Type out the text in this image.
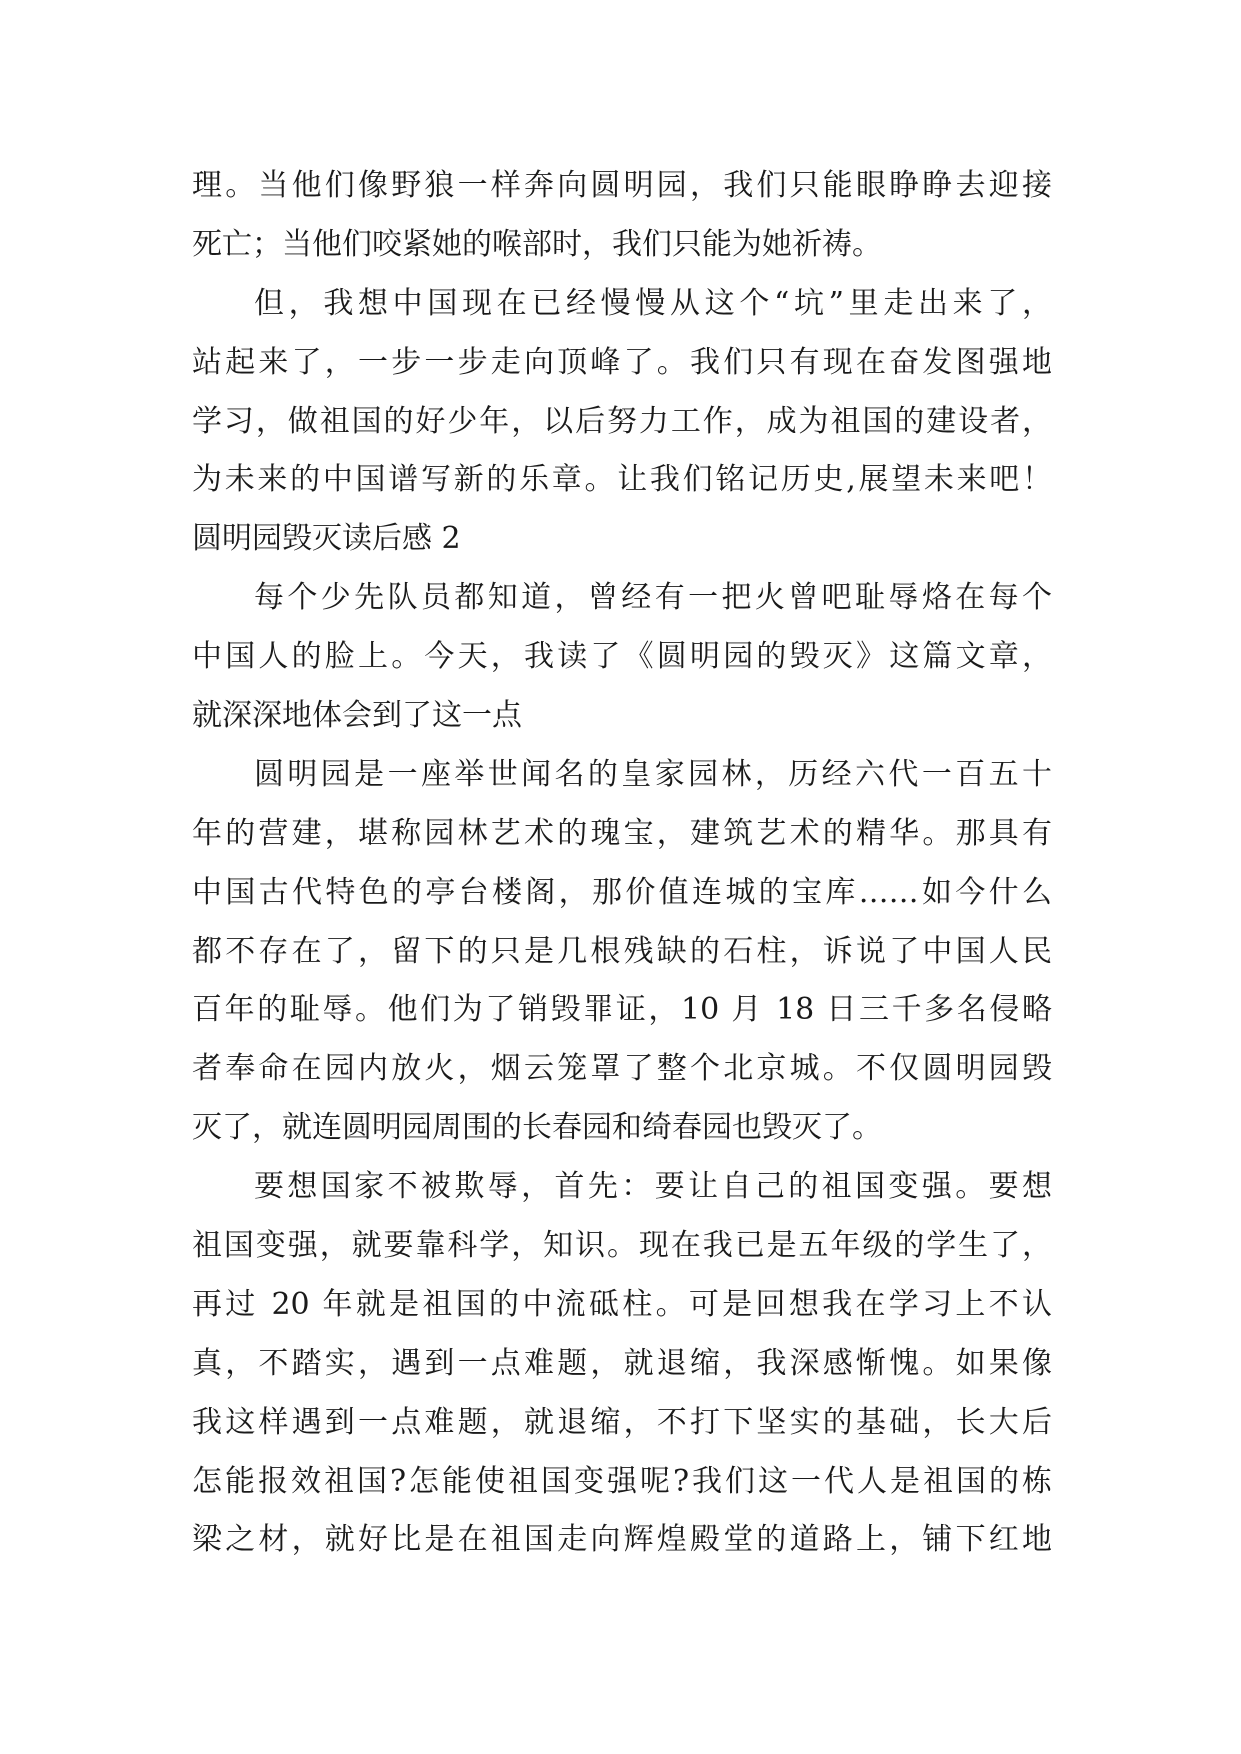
理。当他们像野狼一样奔向圆明园，我们只能眼睁睁去迎接
死亡；当他们咬紧她的喉部时，我们只能为她祈祷。
但，我想中国现在已经慢慢从这个“坑”里走出来了，
站起来了，一步一步走向顶峰了。我们只有现在奋发图强地
学习，做祖国的好少年，以后努力工作，成为祖国的建设者，
为未来的中国谱写新的乐章。让我们铭记历史,展望未来吧！
圆明园毁灭读后感 2
每个少先队员都知道，曾经有一把火曾吧耻辱烙在每个
中国人的脸上。今天，我读了《圆明园的毁灭》这篇文章，
就深深地体会到了这一点
圆明园是一座举世闻名的皇家园林，历经六代一百五十
年的营建，堪称园林艺术的瑰宝，建筑艺术的精华。那具有
中国古代特色的亭台楼阁，那价值连城的宝库……如今什么
都不存在了，留下的只是几根残缺的石柱，诉说了中国人民
百年的耻辱。他们为了销毁罪证，10 月 18 日三千多名侵略
者奉命在园内放火，烟云笼罩了整个北京城。不仅圆明园毁
灭了，就连圆明园周围的长春园和绮春园也毁灭了。
要想国家不被欺辱，首先：要让自己的祖国变强。要想
祖国变强，就要靠科学，知识。现在我已是五年级的学生了，
再过 20 年就是祖国的中流砥柱。可是回想我在学习上不认
真，不踏实，遇到一点难题，就退缩，我深感惭愧。如果像
我这样遇到一点难题，就退缩，不打下坚实的基础，长大后
怎能报效祖国?怎能使祖国变强呢?我们这一代人是祖国的栋
梁之材，就好比是在祖国走向辉煌殿堂的道路上，铺下红地
